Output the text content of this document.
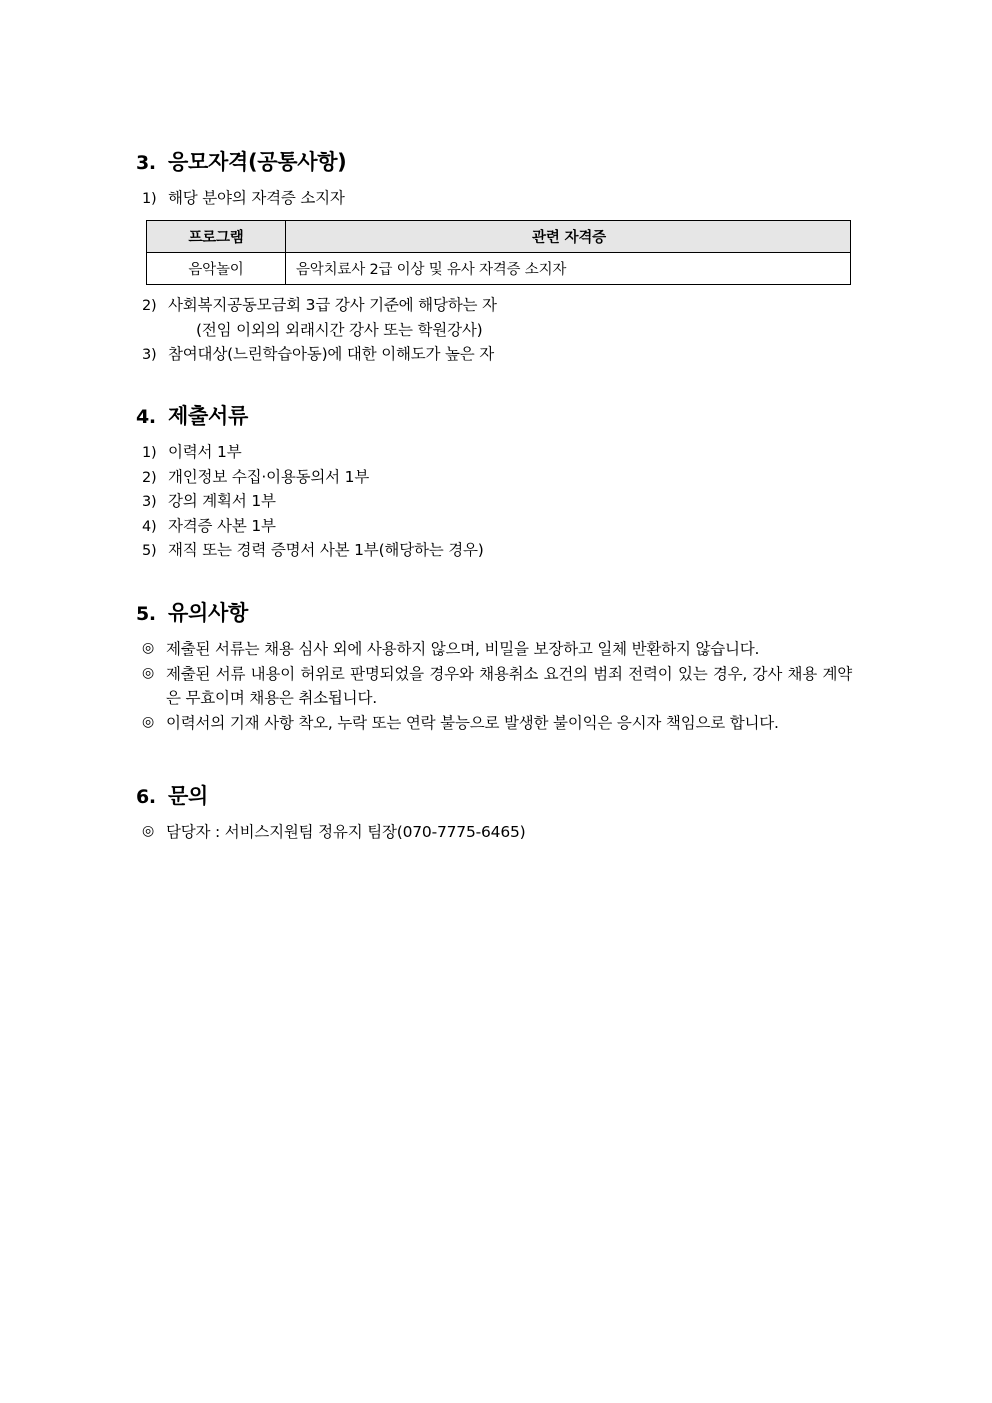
3. 응모자격(공통사항)
1) 해당 분야의 자격증 소지자
프로그램	관련 자격증
음악놀이	음악치료사 2급 이상 및 유사 자격증 소지자
2) 사회복지공동모금회 3급 강사 기준에 해당하는 자
(전임 이외의 외래시간 강사 또는 학원강사)
3) 참여대상(느린학습아동)에 대한 이해도가 높은 자
4. 제출서류
1) 이력서 1부
2) 개인정보 수집·이용동의서 1부
3) 강의 계획서 1부
4) 자격증 사본 1부
5) 재직 또는 경력 증명서 사본 1부(해당하는 경우)
5. 유의사항
◎ 제출된 서류는 채용 심사 외에 사용하지 않으며, 비밀을 보장하고 일체 반환하지 않습니다.
◎ 제출된 서류 내용이 허위로 판명되었을 경우와 채용취소 요건의 범죄 전력이 있는 경우, 강사 채용 계약은 무효이며 채용은 취소됩니다.
◎ 이력서의 기재 사항 착오, 누락 또는 연락 불능으로 발생한 불이익은 응시자 책임으로 합니다.
6. 문의
◎ 담당자 : 서비스지원팀 정유지 팀장(070-7775-6465)
